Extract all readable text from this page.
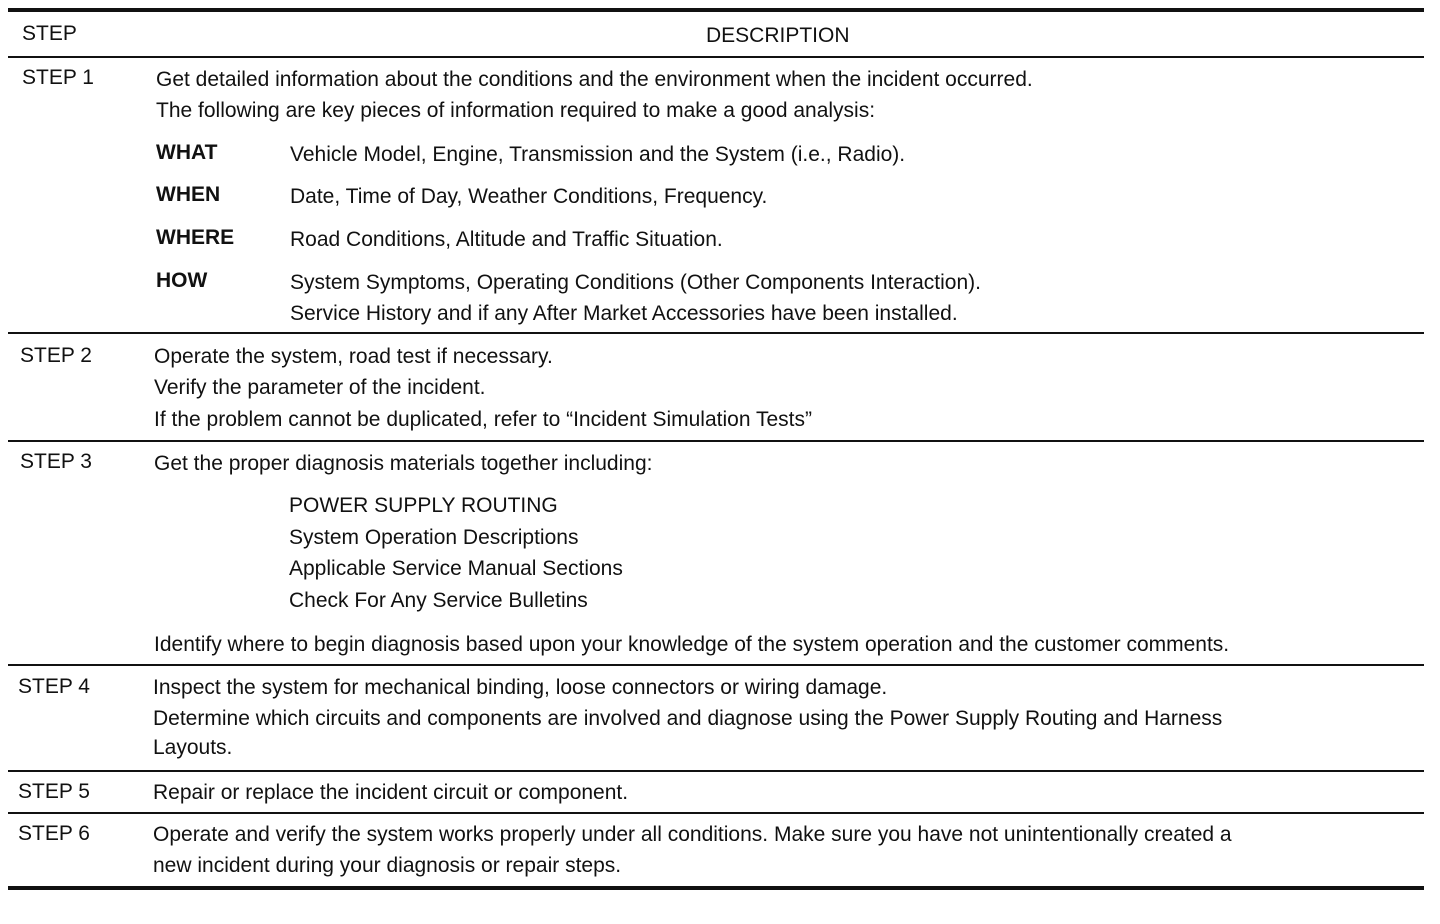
STEP	DESCRIPTION
STEP 1	Get detailed information about the conditions and the environment when the incident occurred.
The following are key pieces of information required to make a good analysis:
WHAT	Vehicle Model, Engine, Transmission and the System (i.e., Radio).
WHEN	Date, Time of Day, Weather Conditions, Frequency.
WHERE	Road Conditions, Altitude and Traffic Situation.
HOW	System Symptoms, Operating Conditions (Other Components Interaction).
Service History and if any After Market Accessories have been installed.
STEP 2	Operate the system, road test if necessary.
Verify the parameter of the incident.
If the problem cannot be duplicated, refer to “Incident Simulation Tests”
STEP 3	Get the proper diagnosis materials together including:
POWER SUPPLY ROUTING
System Operation Descriptions
Applicable Service Manual Sections
Check For Any Service Bulletins
Identify where to begin diagnosis based upon your knowledge of the system operation and the customer comments.
STEP 4	Inspect the system for mechanical binding, loose connectors or wiring damage.
Determine which circuits and components are involved and diagnose using the Power Supply Routing and Harness
Layouts.
STEP 5	Repair or replace the incident circuit or component.
STEP 6	Operate and verify the system works properly under all conditions. Make sure you have not unintentionally created a
new incident during your diagnosis or repair steps.
